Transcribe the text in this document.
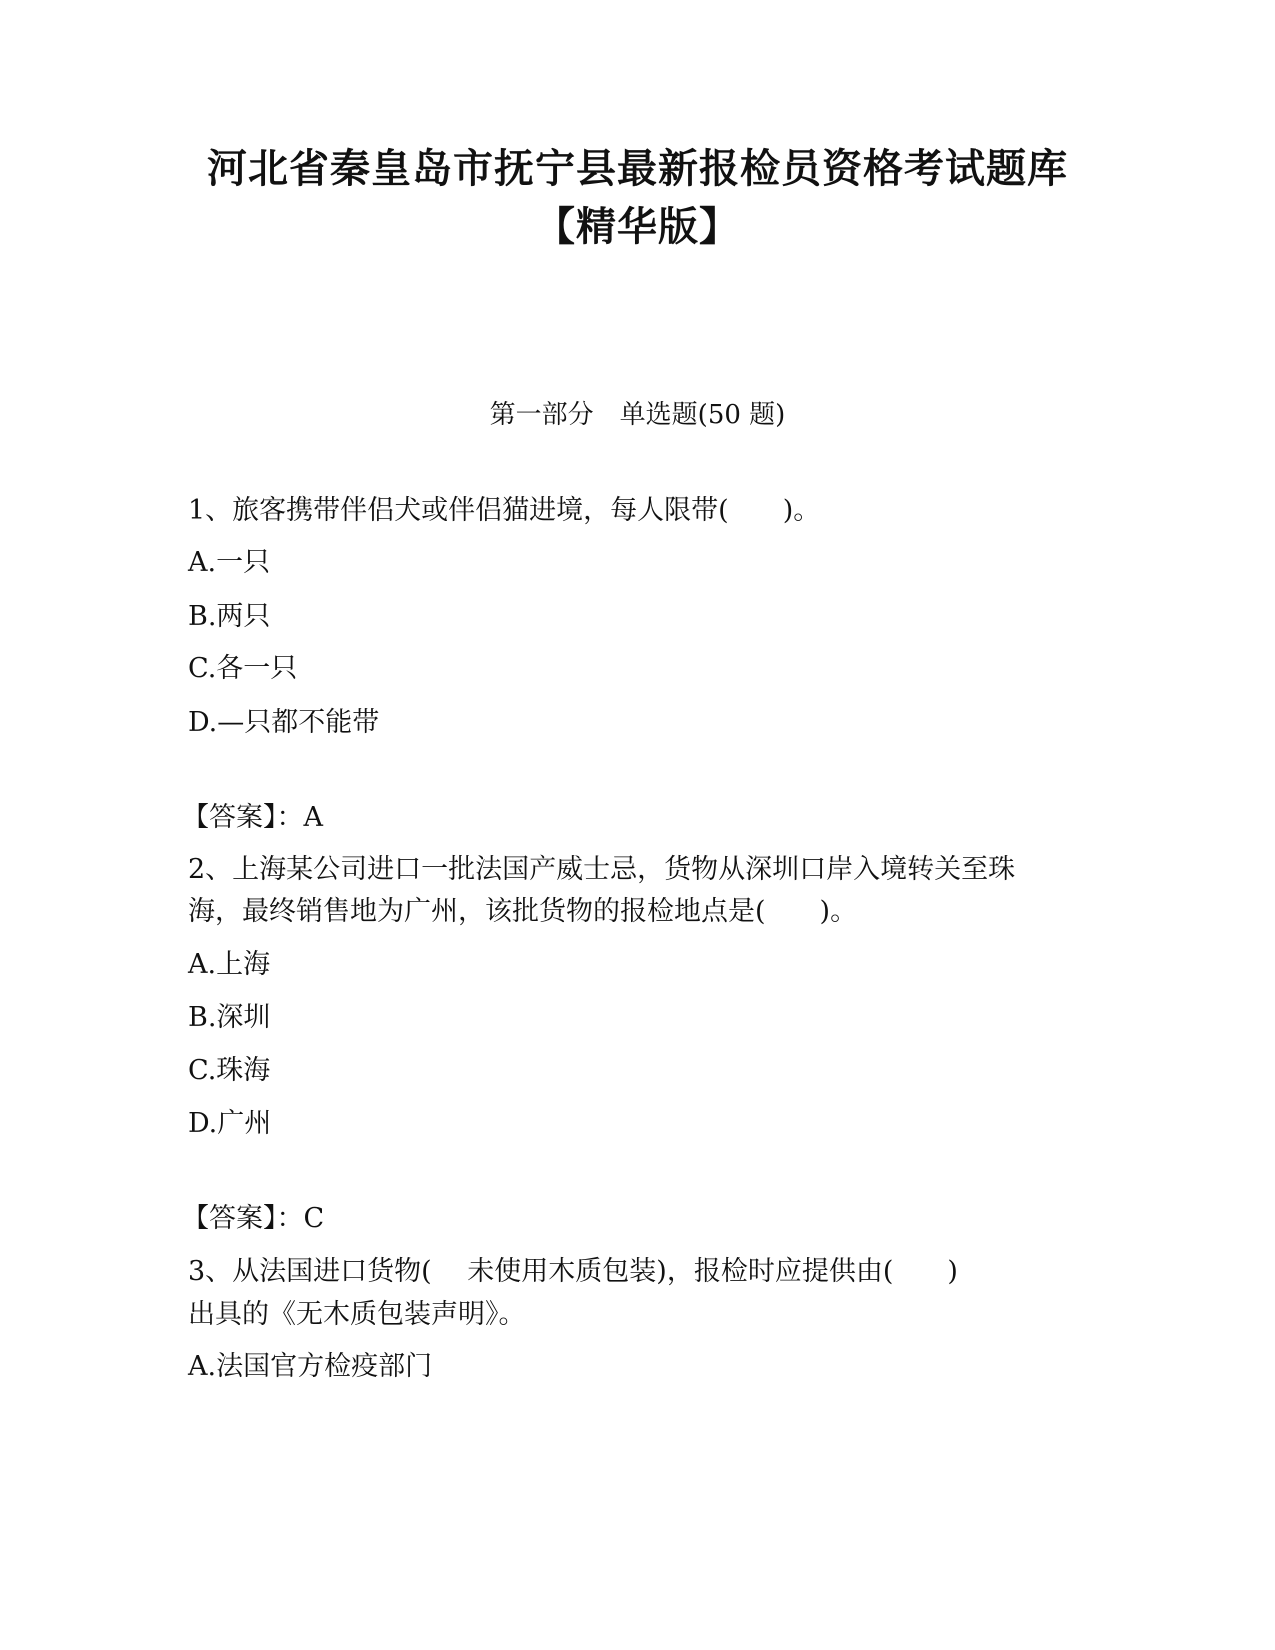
河北省秦皇岛市抚宁县最新报检员资格考试题库
【精华版】
第一部分　单选题(50 题)
1、旅客携带伴侣犬或伴侣猫进境，每人限带(　　)。
A.一只
B.两只
C.各一只
D.—只都不能带
【答案】：A
2、上海某公司进口一批法国产威士忌，货物从深圳口岸入境转关至珠
海，最终销售地为广州，该批货物的报检地点是(　　)。
A.上海
B.深圳
C.珠海
D.广州
【答案】：C
3、从法国进口货物(　 未使用木质包装)，报检时应提供由(　　)
出具的《无木质包装声明》。
A.法国官方检疫部门
